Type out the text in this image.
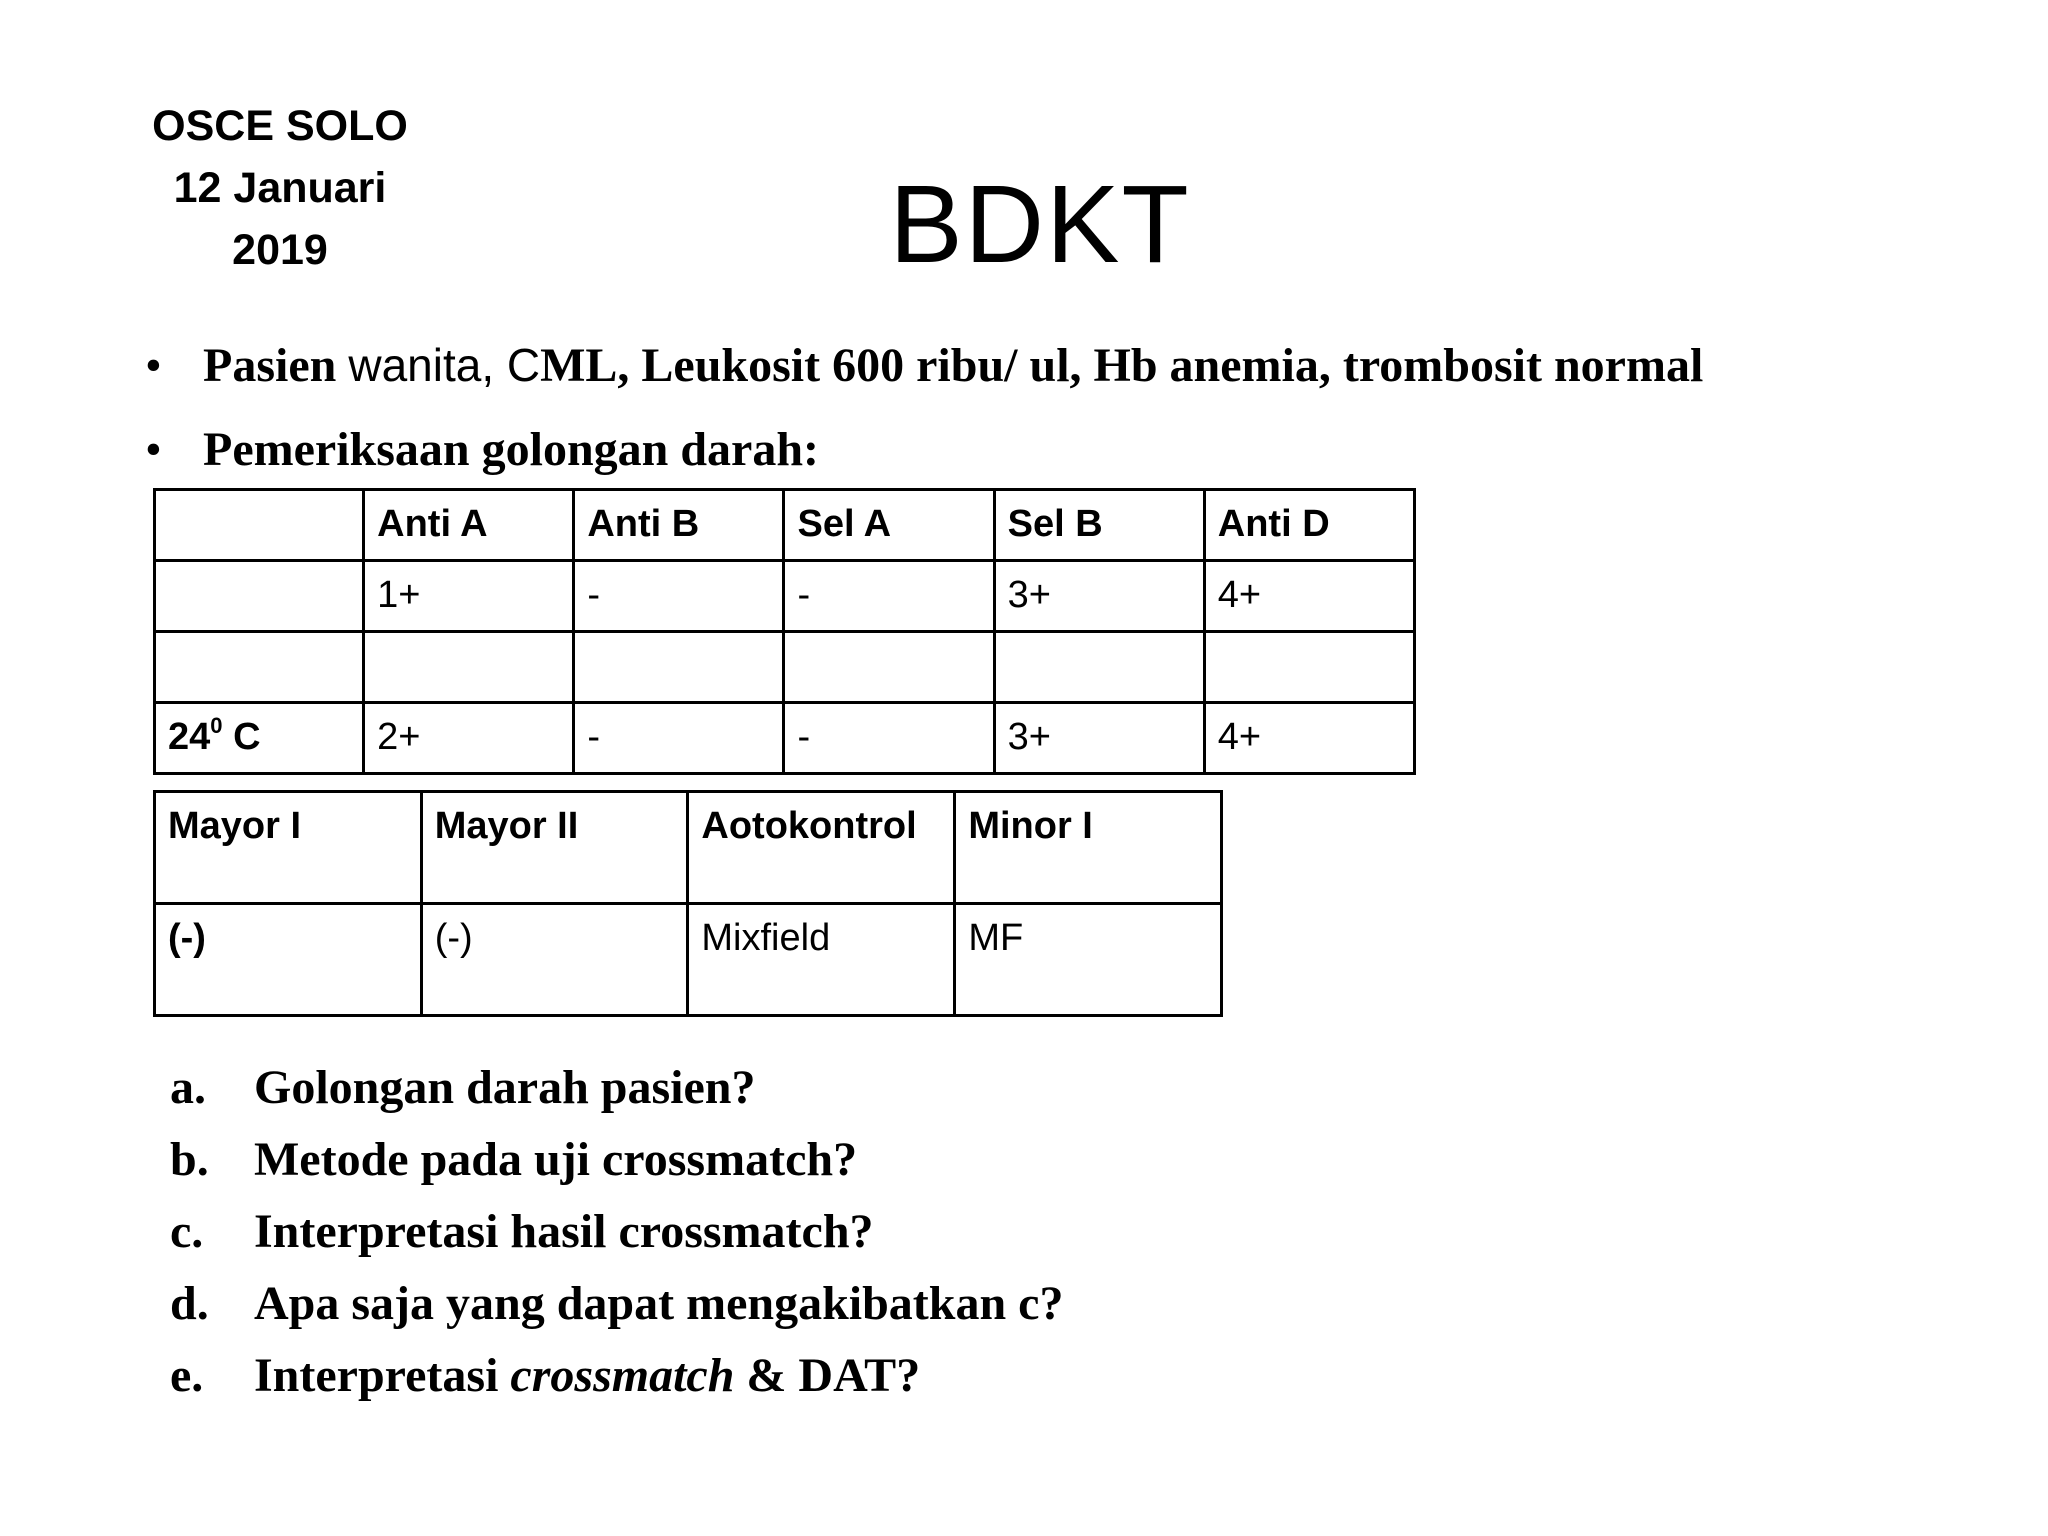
OSCE SOLO
12 Januari
2019	BDKT
• Pasien wanita, CML, Leukosit 600 ribu/ ul, Hb anemia, trombosit normal
• Pemeriksaan golongan darah:
	Anti A	Anti B	Sel A	Sel B	Anti D
	1+	-	-	3+	4+

$24^0$ C	2+	-	-	3+	4+
Mayor I	Mayor II	Aotokontrol	Minor I
(-)	(-)	Mixfield	MF
a. Golongan darah pasien?
b. Metode pada uji crossmatch?
c. Interpretasi hasil crossmatch?
d. Apa saja yang dapat mengakibatkan c?
e. Interpretasi crossmatch & DAT?
